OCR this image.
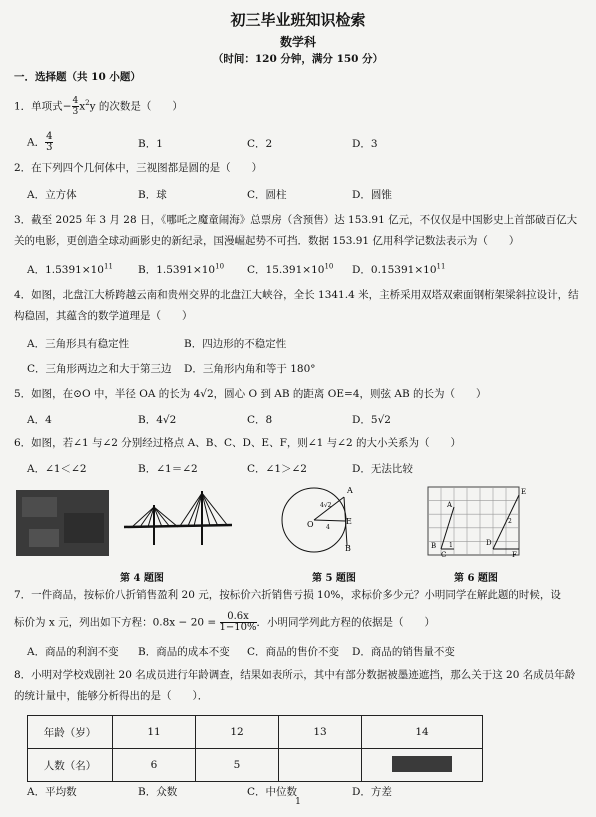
初三毕业班知识检索
数学科
（时间：120 分钟，满分 150 分）
一．选择题（共 10 小题）
1．单项式− $\frac{4}{3} x^2y$ 的次数是（　　）
A． $\frac{4}{3}$	B．1	C．2	D．3
2．在下列四个几何体中，三视图都是圆的是（　　）
A．立方体	B．球	C．圆柱	D．圆锥
3．截至 2025 年 3 月 28 日，《哪吒之魔童闹海》总票房（含预售）达 153.91 亿元，不仅仅是中国影史上首部破百亿大关的电影，更创造全球动画影史的新纪录，国漫崛起势不可挡．数据 153.91 亿用科学记数法表示为（　　）
A．$1.5391\times 10^{11}$ B．$1.5391\times 10^{10}$ C．$15.391\times 10^{10}$ D．$0.15391\times 10^{11}$
4．如图，北盘江大桥跨越云南和贵州交界的北盘江大峡谷，全长 1341.4 米，主桥采用双塔双索面钢桁架梁斜拉设计，结构稳固，其蕴含的数学道理是（　　）
A．三角形具有稳定性	B．四边形的不稳定性
C．三角形两边之和大于第三边 D．三角形内角和等于 180°
5．如图，在⊙O 中，半径 OA 的长为 4√2，圆心 O 到 AB 的距离 OE=4，则弦 AB 的长为（　　）
A．4	B．4√2	C．8	D．5√2
6．如图，若∠1 与∠2 分别经过格点 A、B、C、D、E、F，则∠1 与∠2 的大小关系为（　　）
A．∠1＜∠2	B．∠1＝∠2	C．∠1＞∠2	D．无法比较
A
O	E
B
4√2
4
E
A
1
2
B
C
D
F
第 4 题图	第 5 题图	第 6 题图
7．一件商品，按标价八折销售盈利 20 元，按标价六折销售亏损 10%，求标价多少元？小明同学在解此题的时候，设
标价为 x 元，列出如下方程：$0.8x - 20 = \frac{0.6x}{1-10\%}$ ．小明同学列此方程的依据是（　　）
A．商品的利润不变 B．商品的成本不变 C．商品的售价不变 D．商品的销售量不变
8．小明对学校戏剧社 20 名成员进行年龄调查，结果如表所示，其中有部分数据被墨迹遮挡，那么关于这 20 名成员年龄的统计量中，能够分析得出的是（　　）．
年龄（岁）	11	12	13	14
人数（名）	6	5		
A．平均数	B．众数	C．中位数	D．方差
1
